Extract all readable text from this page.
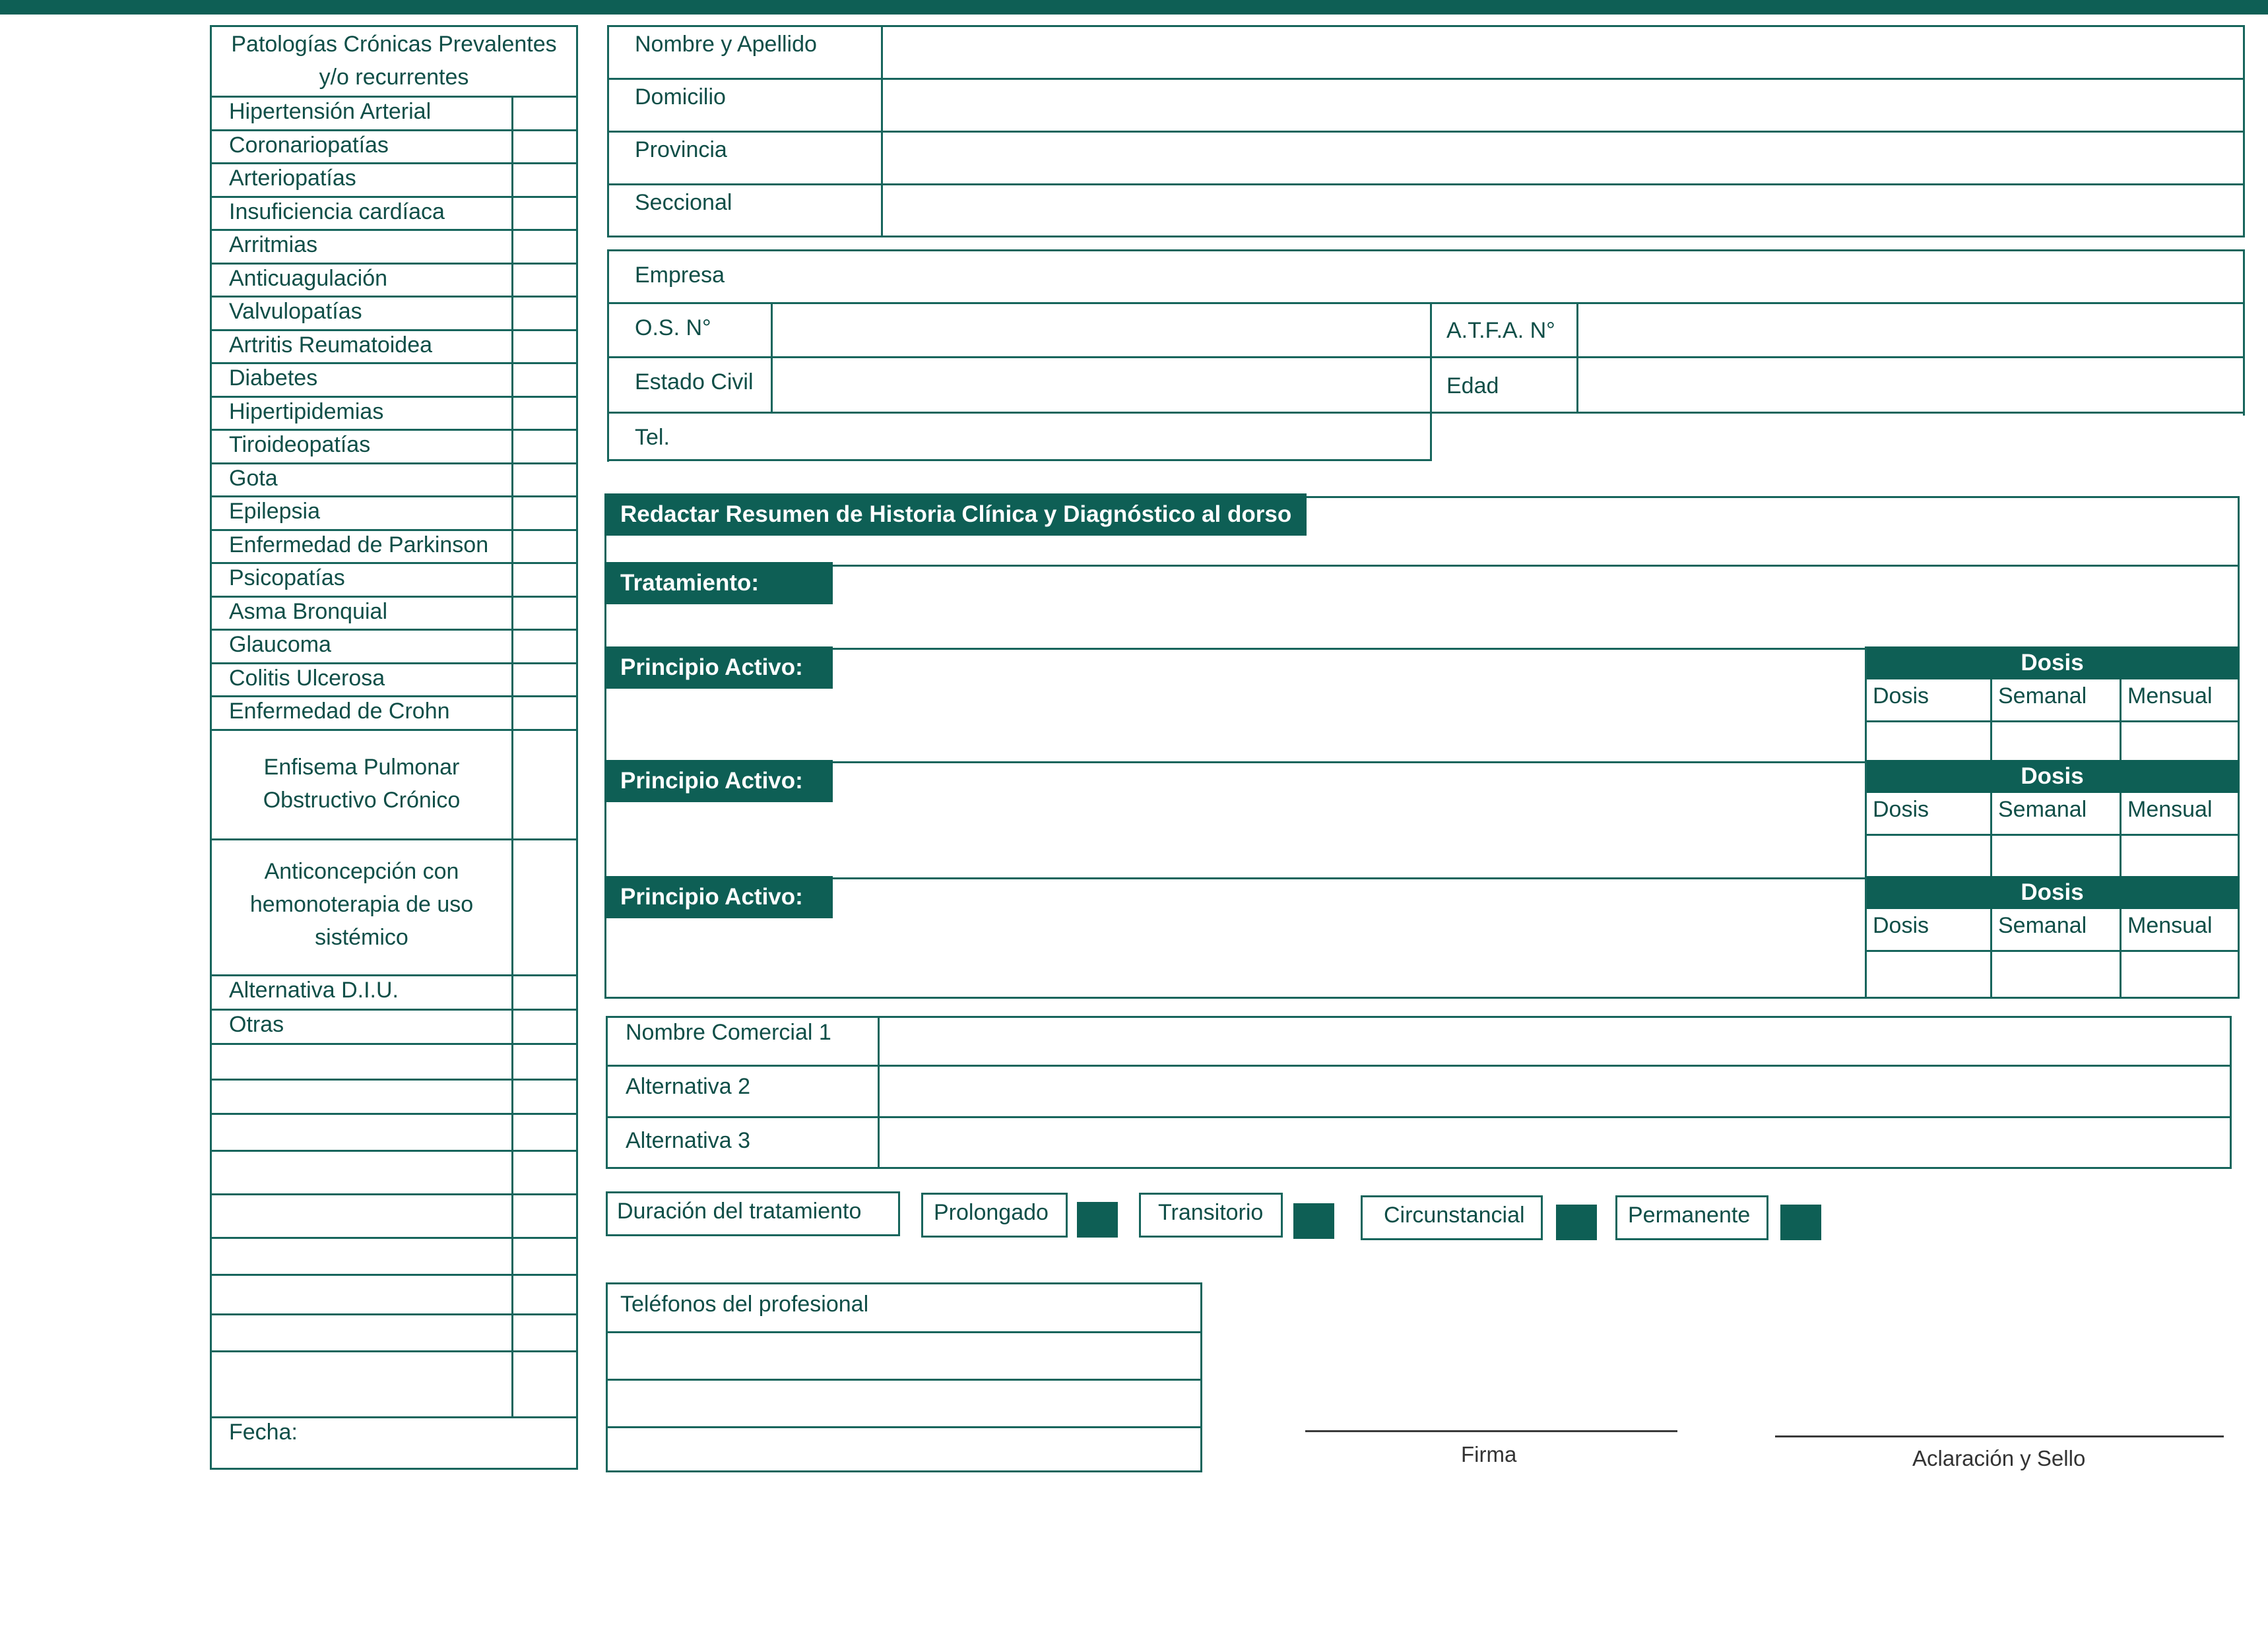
Patologías Crónicas Prevalentes y/o recurrentes
Hipertensión Arterial
Coronariopatías
Arteriopatías
Insuficiencia cardíaca
Arritmias
Anticuagulación
Valvulopatías
Artritis Reumatoidea
Diabetes
Hipertipidemias
Tiroideopatías
Gota
Epilepsia
Enfermedad de Parkinson
Psicopatías
Asma Bronquial
Glaucoma
Colitis Ulcerosa
Enfermedad de Crohn
Enfisema Pulmonar Obstructivo Crónico
Anticoncepción con hemonoterapia de uso sistémico
Alternativa D.I.U.
Otras
Fecha:
Nombre y Apellido
Domicilio
Provincia
Seccional
Empresa
O.S. N°	A.T.F.A. N°
Estado Civil	Edad
Tel.
Redactar Resumen de Historia Clínica y Diagnóstico al dorso
Tratamiento:
Principio Activo:	Dosis
Dosis	Semanal Mensual
Principio Activo:	Dosis
Dosis	Semanal Mensual
Principio Activo:	Dosis
Dosis	Semanal Mensual
Nombre Comercial 1
Alternativa 2
Alternativa 3
Duración del tratamiento	Prolongado	Transitorio	Circunstancial	Permanente
Teléfonos del profesional
Firma	Aclaración y Sello
